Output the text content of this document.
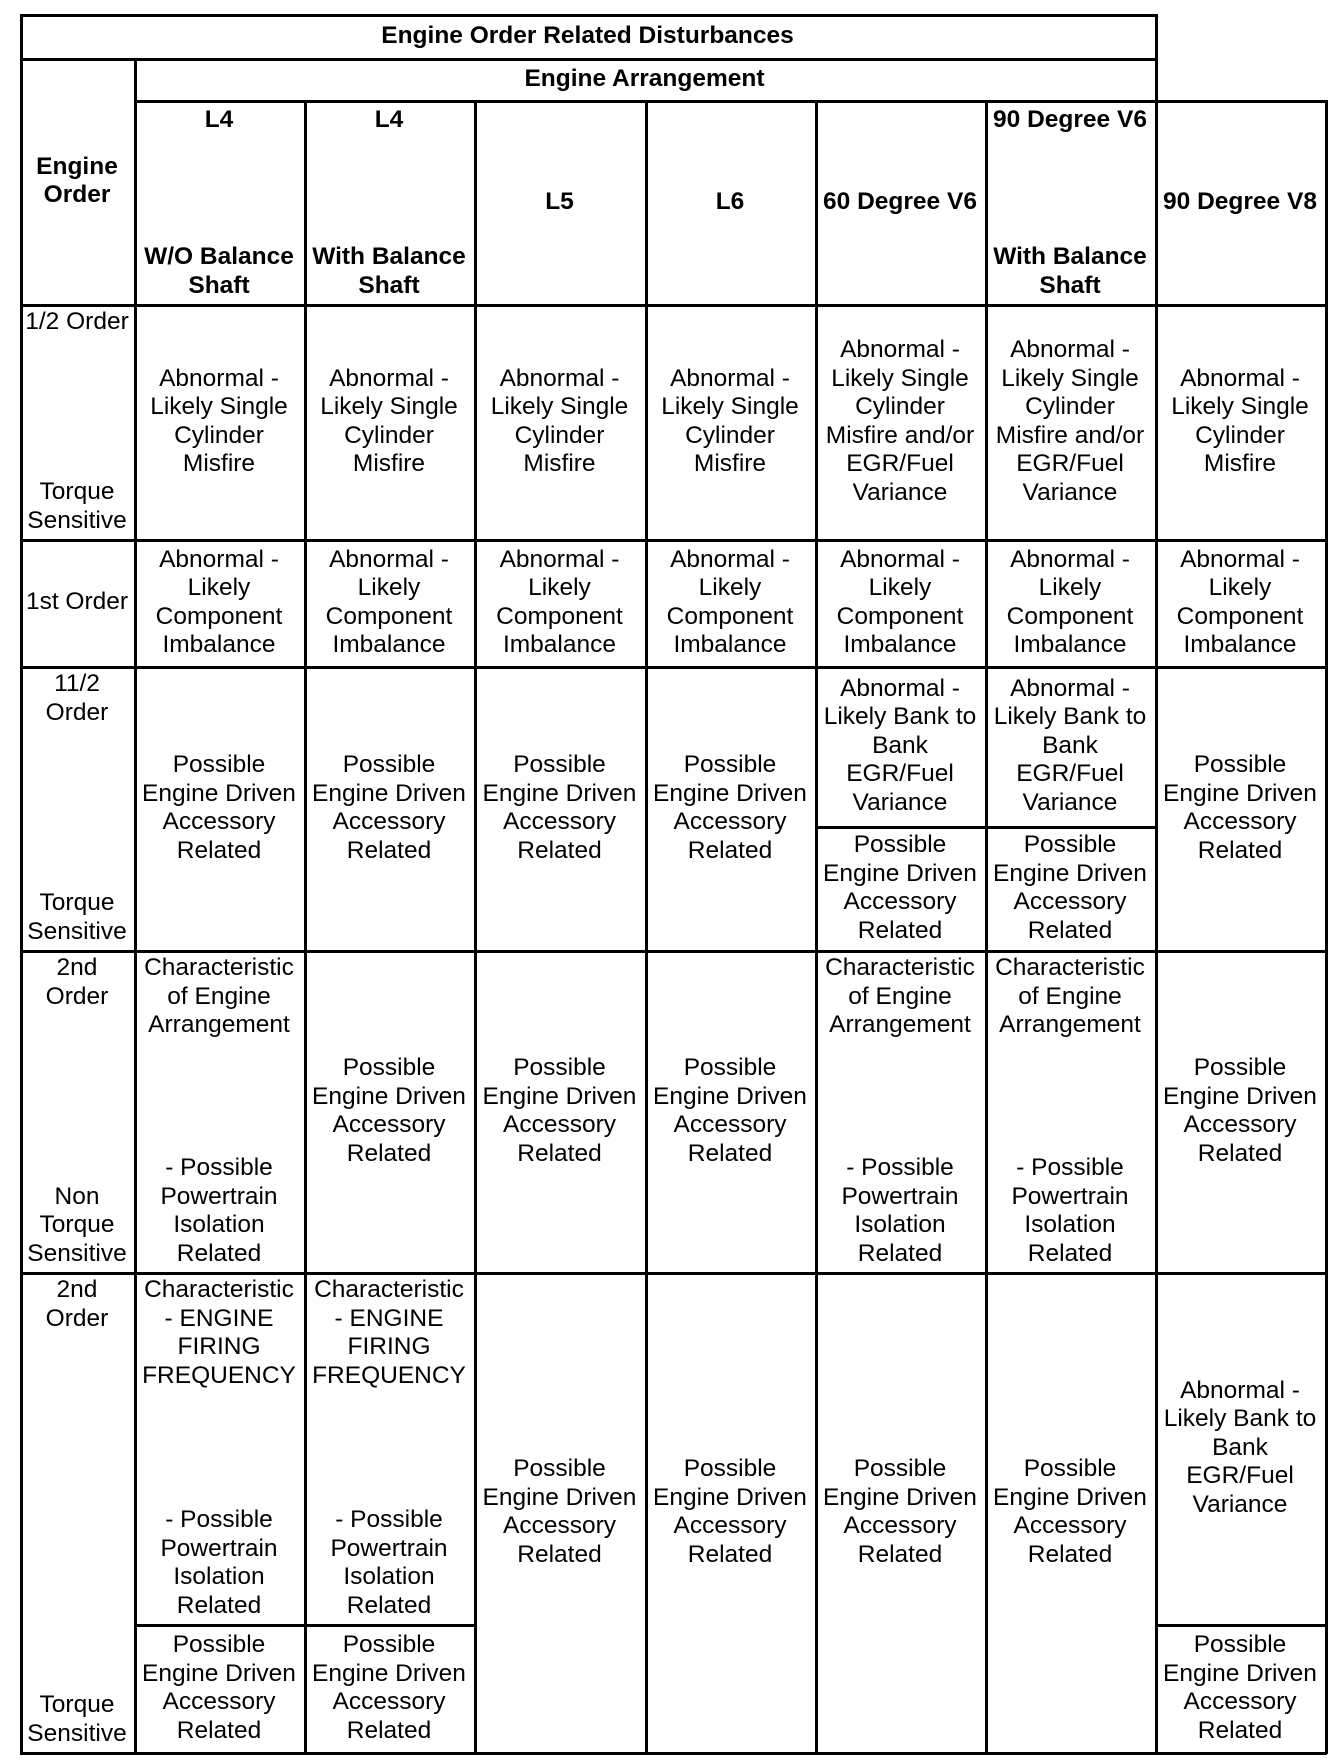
Engine Order Related Disturbances
Engine Arrangement
Engine Order
L4
W/O Balance Shaft
L4
With Balance Shaft
L5	L6	60 Degree V6
90 Degree V6
With Balance Shaft
90 Degree V8
1/2 Order
Torque Sensitive
1st Order
11/2 Order
Torque Sensitive
2nd Order
Non Torque Sensitive
2nd Order
Torque Sensitive
Abnormal - Likely Single Cylinder Misfire
Abnormal - Likely Single Cylinder Misfire
Abnormal - Likely Single Cylinder Misfire
Abnormal - Likely Single Cylinder Misfire
Abnormal - Likely Single Cylinder Misfire and/or EGR/Fuel Variance
Abnormal - Likely Single Cylinder Misfire and/or EGR/Fuel Variance
Abnormal - Likely Single Cylinder Misfire
Abnormal - Likely Component Imbalance
Abnormal - Likely Component Imbalance
Abnormal - Likely Component Imbalance
Abnormal - Likely Component Imbalance
Abnormal - Likely Component Imbalance
Abnormal - Likely Component Imbalance
Abnormal - Likely Component Imbalance
Possible Engine Driven Accessory Related
Possible Engine Driven Accessory Related
Possible Engine Driven Accessory Related
Possible Engine Driven Accessory Related
Abnormal - Likely Bank to Bank EGR/Fuel Variance
Possible Engine Driven Accessory Related
Abnormal - Likely Bank to Bank EGR/Fuel Variance
Possible Engine Driven Accessory Related
Possible Engine Driven Accessory Related
Characteristic of Engine Arrangement
- Possible Powertrain Isolation Related
Possible Engine Driven Accessory Related
Possible Engine Driven Accessory Related
Possible Engine Driven Accessory Related
Characteristic of Engine Arrangement
- Possible Powertrain Isolation Related
Characteristic of Engine Arrangement
- Possible Powertrain Isolation Related
Possible Engine Driven Accessory Related
Characteristic - ENGINE FIRING FREQUENCY
- Possible Powertrain Isolation Related
Possible Engine Driven Accessory Related
Characteristic - ENGINE FIRING FREQUENCY
- Possible Powertrain Isolation Related
Possible Engine Driven Accessory Related
Possible Engine Driven Accessory Related
Possible Engine Driven Accessory Related
Possible Engine Driven Accessory Related
Possible Engine Driven Accessory Related
Abnormal - Likely Bank to Bank EGR/Fuel Variance
Possible Engine Driven Accessory Related
